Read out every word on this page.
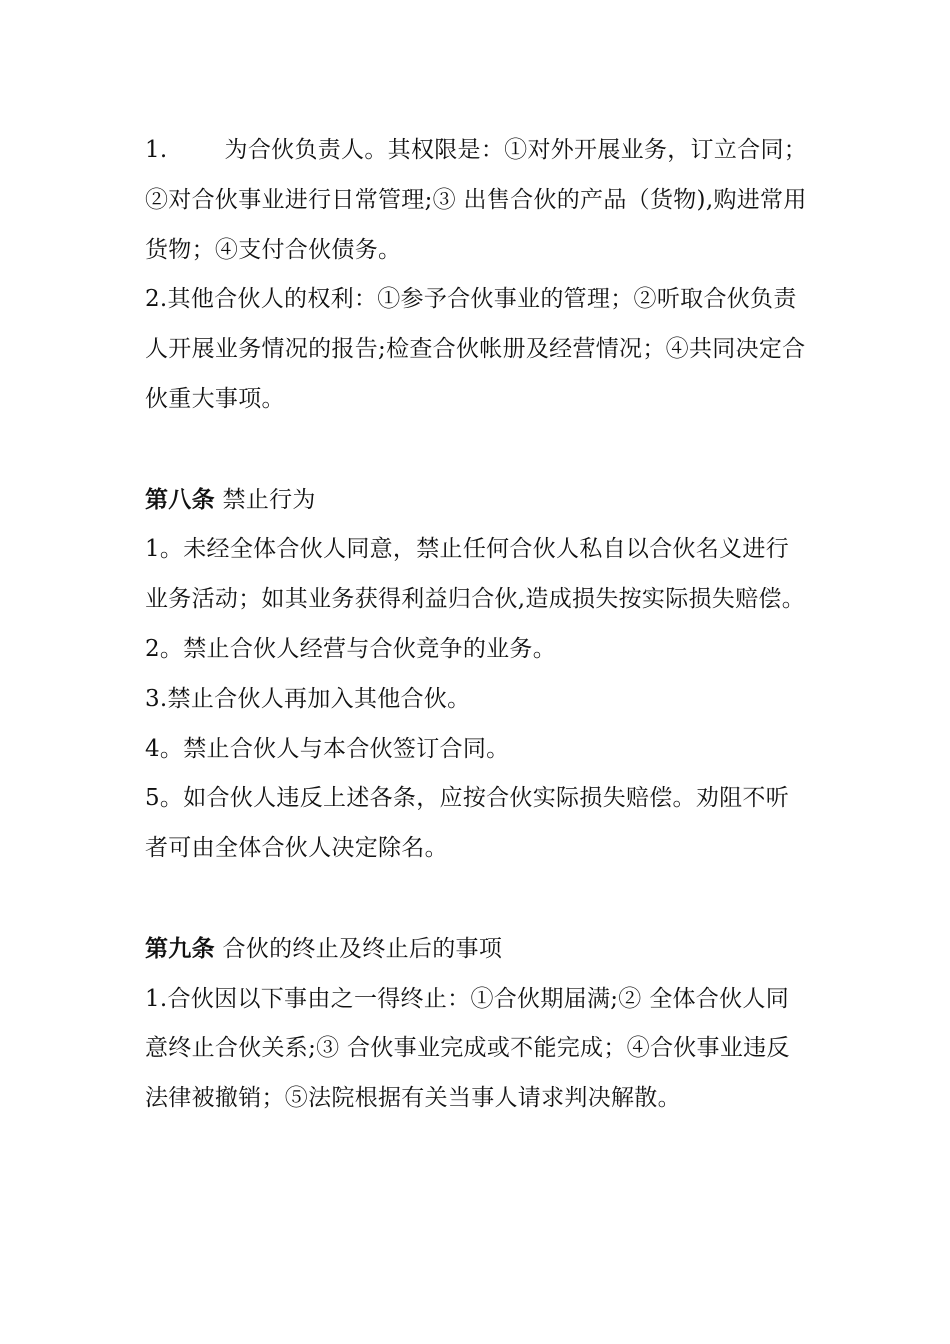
1. 为合伙负责人。其权限是：①对外开展业务，订立合同；②对合伙事业进行日常管理;③ 出售合伙的产品（货物),购进常用货物；④支付合伙债务。

2.其他合伙人的权利：①参予合伙事业的管理；②听取合伙负责人开展业务情况的报告;检查合伙帐册及经营情况；④共同决定合伙重大事项。

第八条 禁止行为

1。未经全体合伙人同意，禁止任何合伙人私自以合伙名义进行业务活动；如其业务获得利益归合伙,造成损失按实际损失赔偿。

2。禁止合伙人经营与合伙竞争的业务。

3.禁止合伙人再加入其他合伙。

4。禁止合伙人与本合伙签订合同。

5。如合伙人违反上述各条，应按合伙实际损失赔偿。劝阻不听者可由全体合伙人决定除名。

第九条 合伙的终止及终止后的事项

1.合伙因以下事由之一得终止：①合伙期届满;② 全体合伙人同意终止合伙关系;③ 合伙事业完成或不能完成；④合伙事业违反法律被撤销；⑤法院根据有关当事人请求判决解散。
